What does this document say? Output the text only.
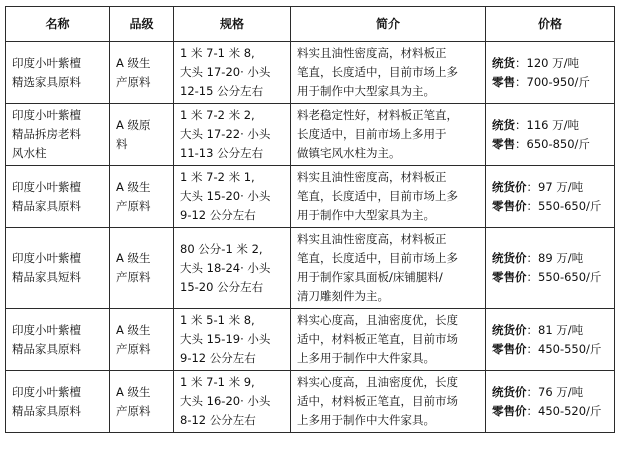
名称	品级	规格	简介	价格

印度小叶紫檀
精选家具原料	A 级生
产原料	1 米 7-1 米 8,
大头 17-20· 小头
12-15 公分左右	料实且油性密度高，材料板正
笔直，长度适中，目前市场上多
用于制作中大型家具为主。	统货：120 万/吨
零售：700-950/斤

印度小叶紫檀
精品拆房老料
风水柱	A 级原
料	1 米 7-2 米 2,
大头 17-22· 小头
11-13 公分左右	料老稳定性好，材料板正笔直，
长度适中，目前市场上多用于
做镇宅风水柱为主。	统货：116 万/吨
零售：650-850/斤

印度小叶紫檀
精品家具原料	A 级生
产原料	1 米 7-2 米 1,
大头 15-20· 小头
9-12 公分左右	料实且油性密度高，材料板正
笔直，长度适中，目前市场上多
用于制作中大型家具为主。	统货价：97 万/吨
零售价：550-650/斤

印度小叶紫檀
精品家具短料	A 级生
产原料	80 公分-1 米 2,
大头 18-24· 小头
15-20 公分左右	料实且油性密度高，材料板正
笔直，长度适中，目前市场上多
用于制作家具面板/床铺腿料/
清刀雕刻件为主。	统货价：89 万/吨
零售价：550-650/斤

印度小叶紫檀
精品家具原料	A 级生
产原料	1 米 5-1 米 8,
大头 15-19· 小头
9-12 公分左右	料实心度高，且油密度优，长度
适中，材料板正笔直，目前市场
上多用于制作中大件家具。	统货价：81 万/吨
零售价：450-550/斤

印度小叶紫檀
精品家具原料	A 级生
产原料	1 米 7-1 米 9,
大头 16-20· 小头
8-12 公分左右	料实心度高，且油密度优，长度
适中，材料板正笔直，目前市场
上多用于制作中大件家具。	统货价：76 万/吨
零售价：450-520/斤
